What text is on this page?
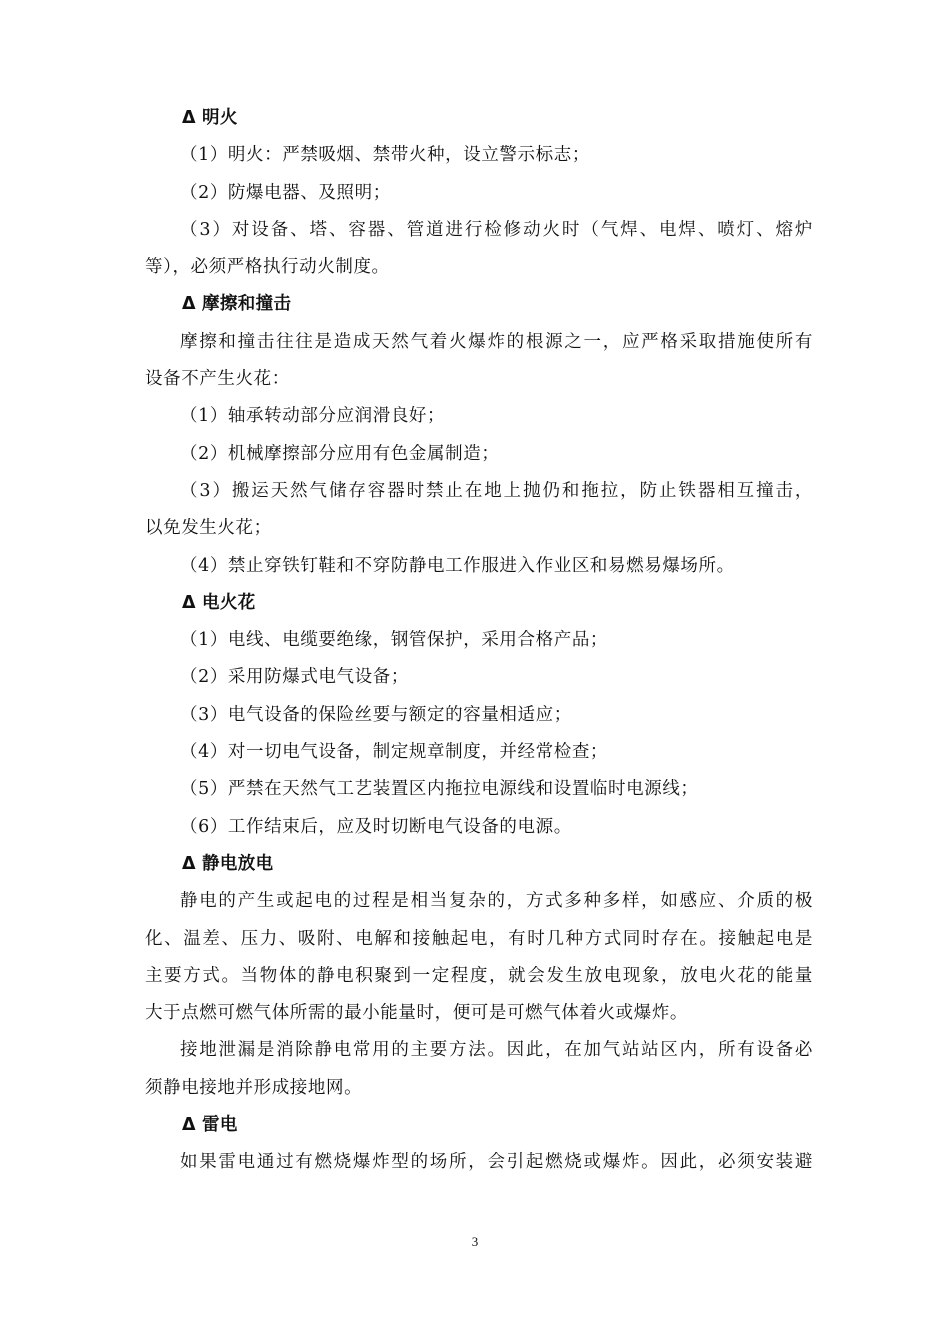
Δ 明火
（1）明火：严禁吸烟、禁带火种，设立警示标志；
（2）防爆电器、及照明；
（3）对设备、塔、容器、管道进行检修动火时（气焊、电焊、喷灯、熔炉
等），必须严格执行动火制度。
Δ 摩擦和撞击
摩擦和撞击往往是造成天然气着火爆炸的根源之一，应严格采取措施使所有
设备不产生火花：
（1）轴承转动部分应润滑良好；
（2）机械摩擦部分应用有色金属制造；
（3）搬运天然气储存容器时禁止在地上抛仍和拖拉，防止铁器相互撞击，
以免发生火花；
（4）禁止穿铁钉鞋和不穿防静电工作服进入作业区和易燃易爆场所。
Δ 电火花
（1）电线、电缆要绝缘，钢管保护，采用合格产品；
（2）采用防爆式电气设备；
（3）电气设备的保险丝要与额定的容量相适应；
（4）对一切电气设备，制定规章制度，并经常检查；
（5）严禁在天然气工艺装置区内拖拉电源线和设置临时电源线；
（6）工作结束后，应及时切断电气设备的电源。
Δ 静电放电
静电的产生或起电的过程是相当复杂的，方式多种多样，如感应、介质的极
化、温差、压力、吸附、电解和接触起电，有时几种方式同时存在。接触起电是
主要方式。当物体的静电积聚到一定程度，就会发生放电现象，放电火花的能量
大于点燃可燃气体所需的最小能量时，便可是可燃气体着火或爆炸。
接地泄漏是消除静电常用的主要方法。因此，在加气站站区内，所有设备必
须静电接地并形成接地网。
Δ 雷电
如果雷电通过有燃烧爆炸型的场所，会引起燃烧或爆炸。因此，必须安装避
3
